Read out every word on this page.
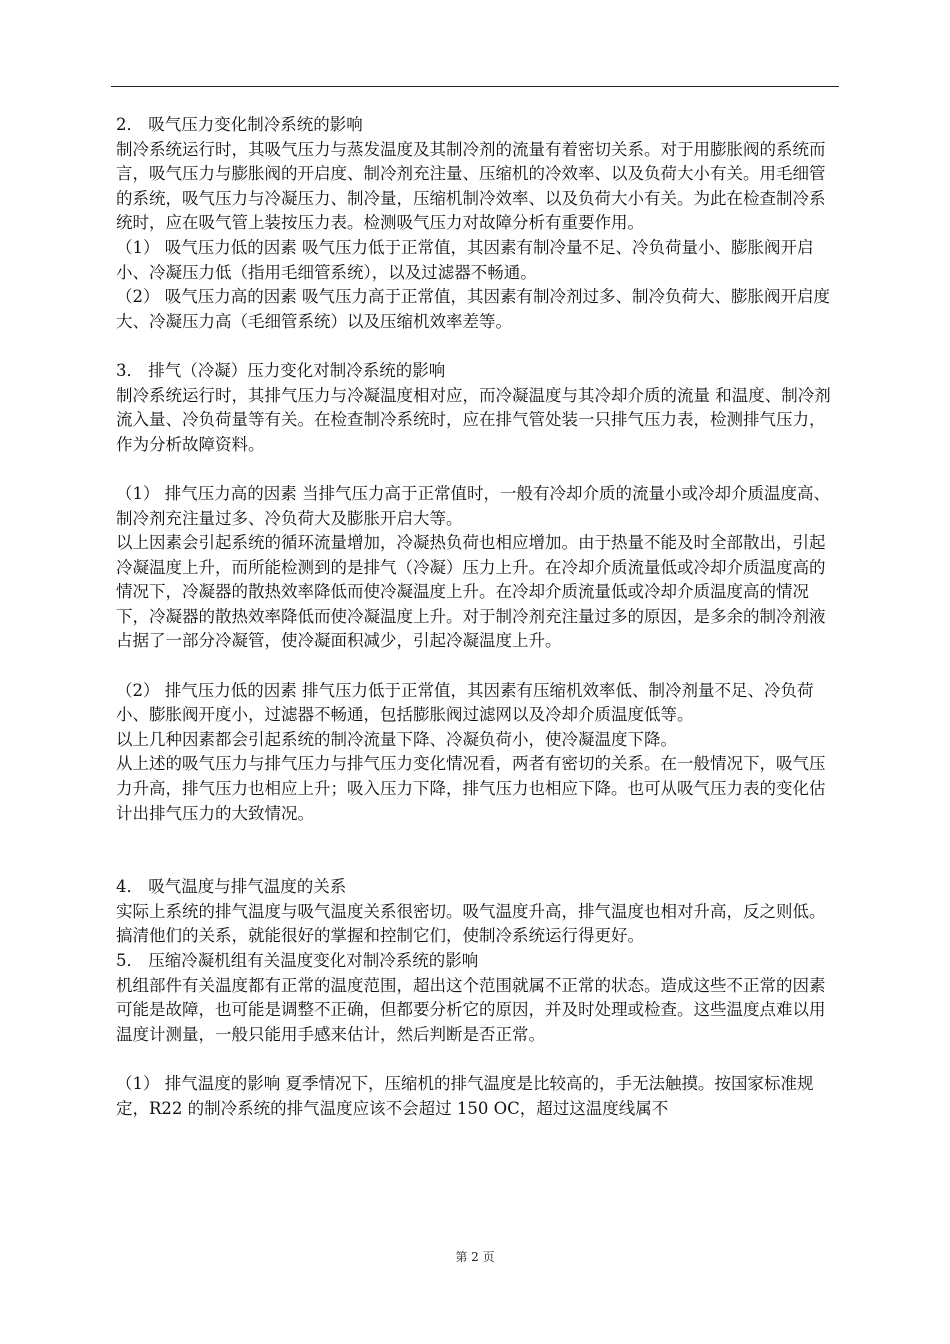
2． 吸气压力变化制冷系统的影响

制冷系统运行时，其吸气压力与蒸发温度及其制冷剂的流量有着密切关系。对于用膨胀阀的系统而言，吸气压力与膨胀阀的开启度、制冷剂充注量、压缩机的冷效率、以及负荷大小有关。用毛细管的系统，吸气压力与冷凝压力、制冷量，压缩机制冷效率、以及负荷大小有关。为此在检查制冷系统时，应在吸气管上装按压力表。检测吸气压力对故障分析有重要作用。

（1） 吸气压力低的因素 吸气压力低于正常值，其因素有制冷量不足、冷负荷量小、膨胀阀开启小、冷凝压力低（指用毛细管系统），以及过滤器不畅通。

（2） 吸气压力高的因素 吸气压力高于正常值，其因素有制冷剂过多、制冷负荷大、膨胀阀开启度大、冷凝压力高（毛细管系统）以及压缩机效率差等。

3． 排气（冷凝）压力变化对制冷系统的影响

制冷系统运行时，其排气压力与冷凝温度相对应，而冷凝温度与其冷却介质的流量 和温度、制冷剂流入量、冷负荷量等有关。在检查制冷系统时，应在排气管处装一只排气压力表，检测排气压力，作为分析故障资料。

（1） 排气压力高的因素 当排气压力高于正常值时，一般有冷却介质的流量小或冷却介质温度高、制冷剂充注量过多、冷负荷大及膨胀开启大等。

以上因素会引起系统的循环流量增加，冷凝热负荷也相应增加。由于热量不能及时全部散出，引起冷凝温度上升，而所能检测到的是排气（冷凝）压力上升。在冷却介质流量低或冷却介质温度高的情况下，冷凝器的散热效率降低而使冷凝温度上升。在冷却介质流量低或冷却介质温度高的情况下，冷凝器的散热效率降低而使冷凝温度上升。对于制冷剂充注量过多的原因，是多余的制冷剂液占据了一部分冷凝管，使冷凝面积减少，引起冷凝温度上升。

（2） 排气压力低的因素 排气压力低于正常值，其因素有压缩机效率低、制冷剂量不足、冷负荷小、膨胀阀开度小，过滤器不畅通，包括膨胀阀过滤网以及冷却介质温度低等。

以上几种因素都会引起系统的制冷流量下降、冷凝负荷小，使冷凝温度下降。

从上述的吸气压力与排气压力与排气压力变化情况看，两者有密切的关系。在一般情况下，吸气压力升高，排气压力也相应上升；吸入压力下降，排气压力也相应下降。也可从吸气压力表的变化估计出排气压力的大致情况。

4． 吸气温度与排气温度的关系

实际上系统的排气温度与吸气温度关系很密切。吸气温度升高，排气温度也相对升高，反之则低。搞清他们的关系，就能很好的掌握和控制它们，使制冷系统运行得更好。

5． 压缩冷凝机组有关温度变化对制冷系统的影响

机组部件有关温度都有正常的温度范围，超出这个范围就属不正常的状态。造成这些不正常的因素可能是故障，也可能是调整不正确，但都要分析它的原因，并及时处理或检查。这些温度点难以用温度计测量，一般只能用手感来估计，然后判断是否正常。

（1） 排气温度的影响 夏季情况下，压缩机的排气温度是比较高的，手无法触摸。按国家标准规定，R22 的制冷系统的排气温度应该不会超过 150 OC，超过这温度线属不

第 2 页
